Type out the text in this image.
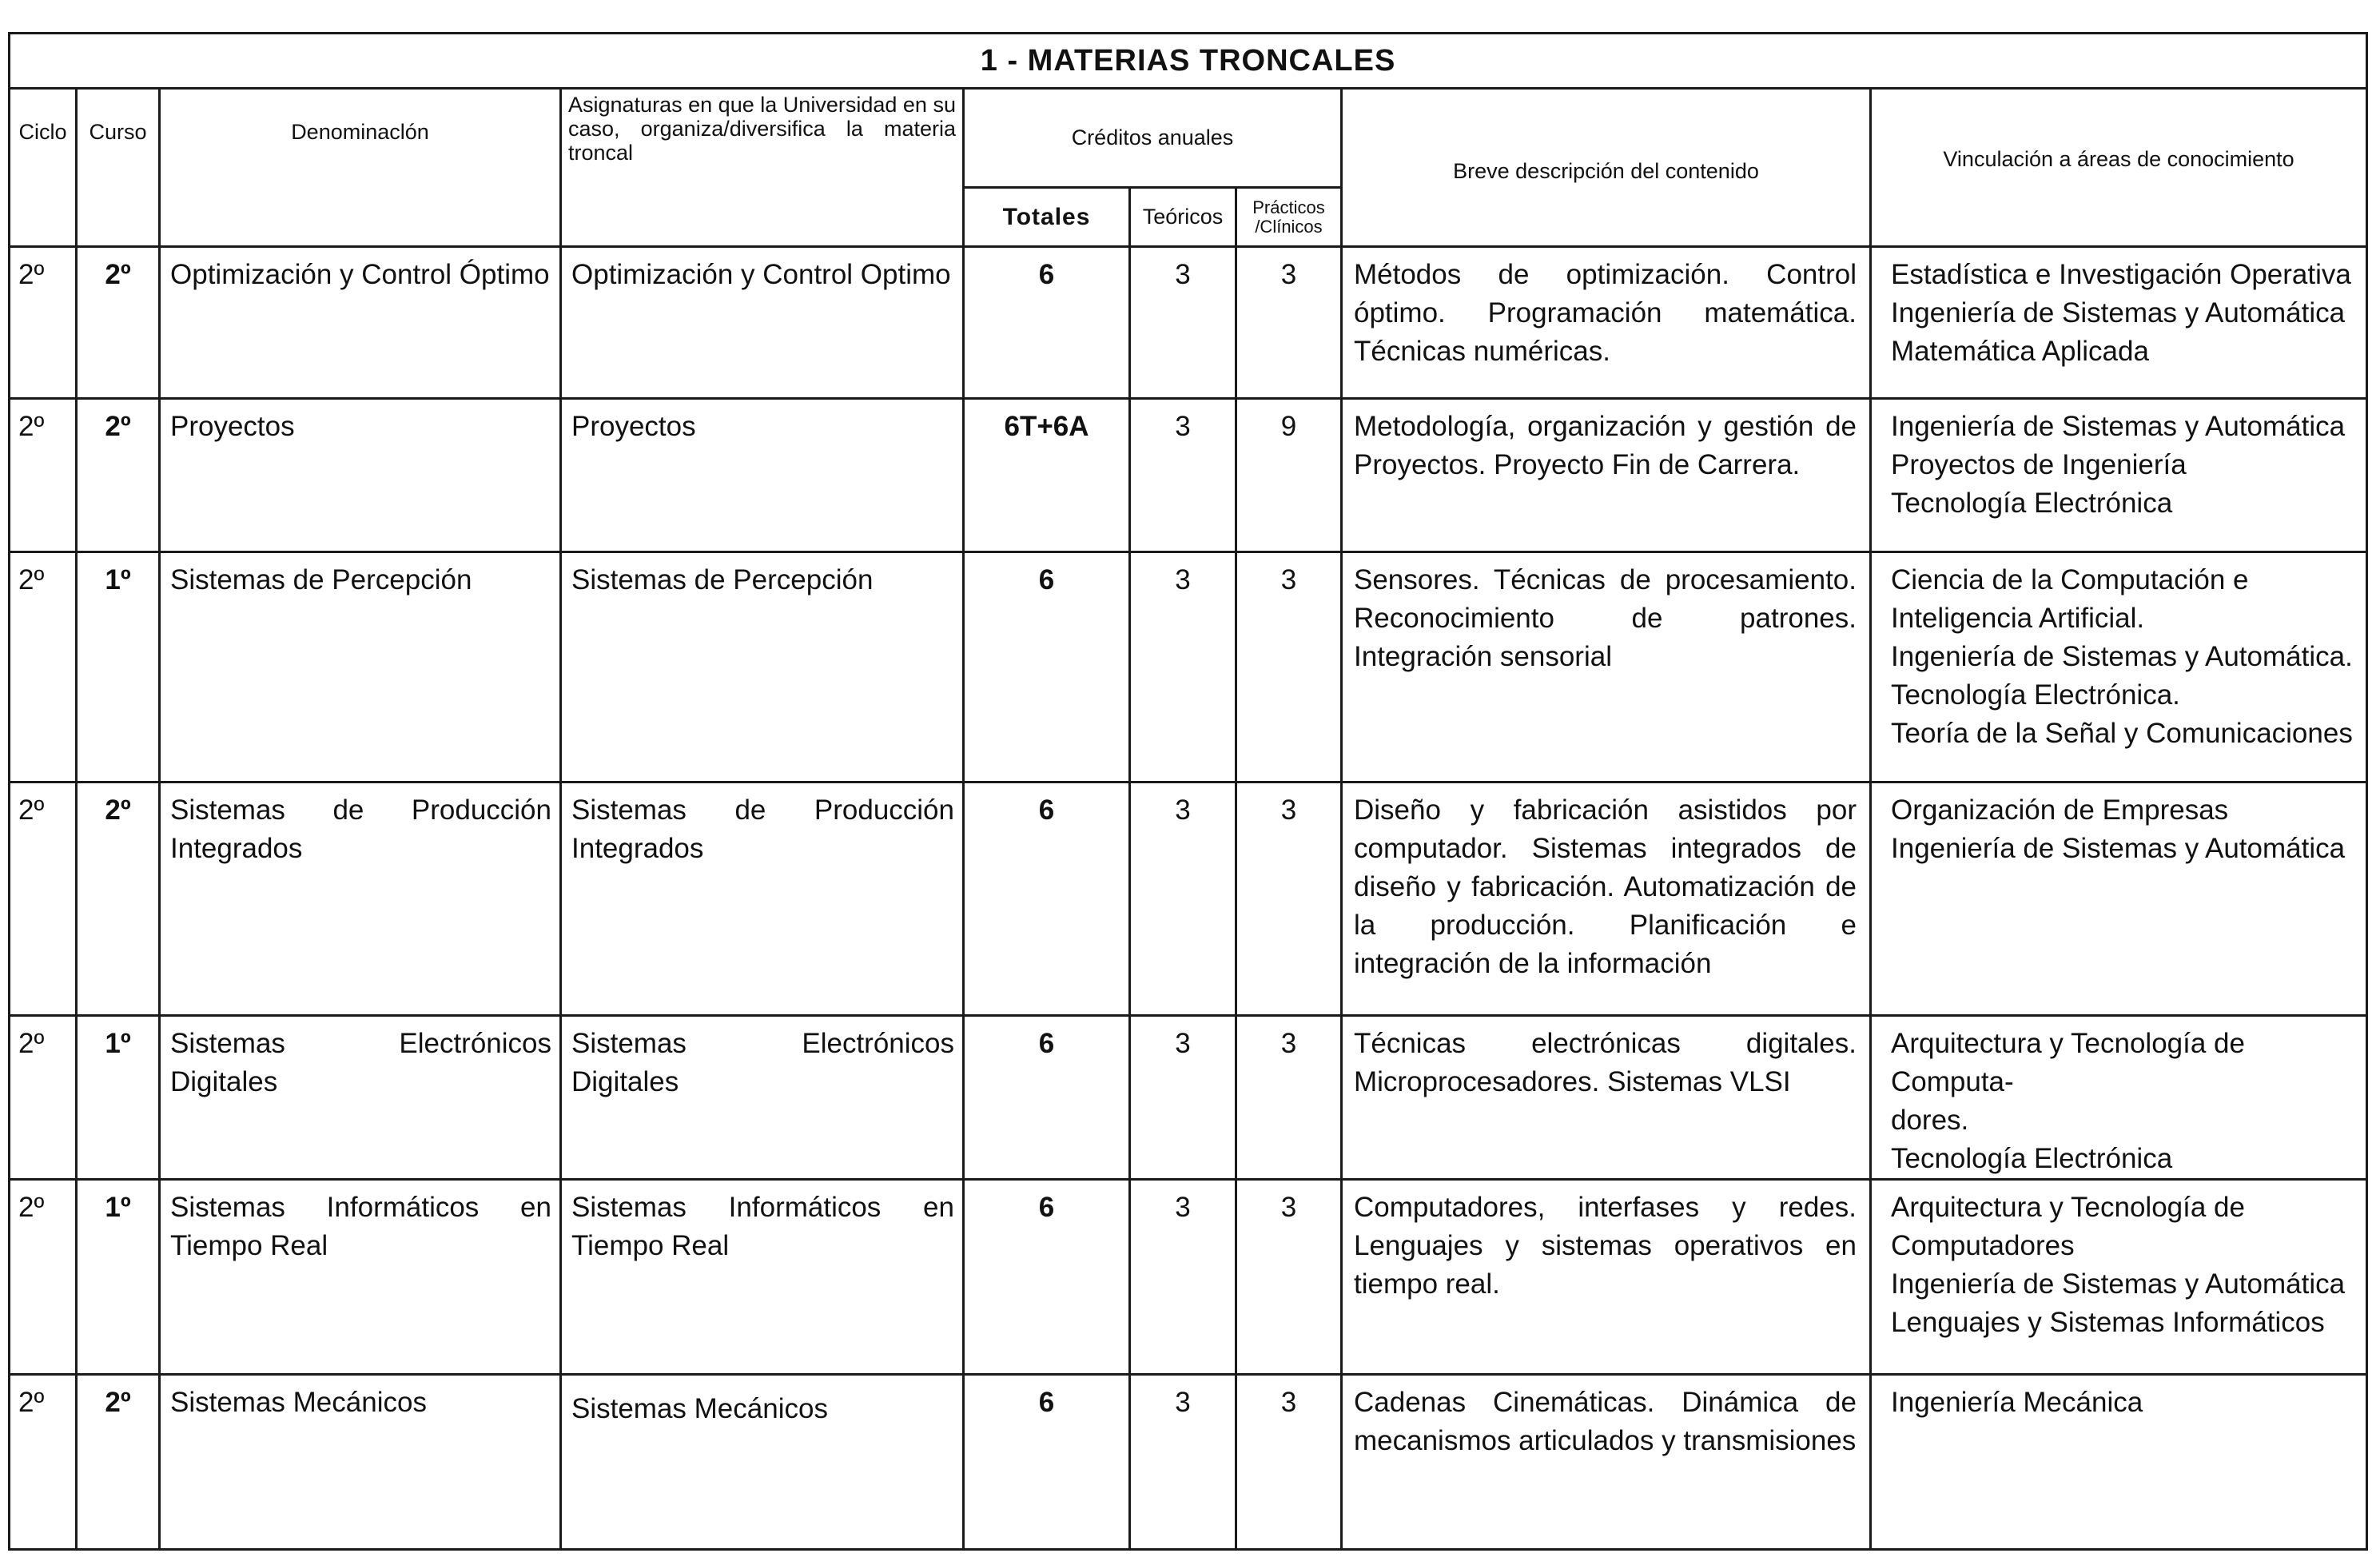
1 - MATERIAS TRONCALES								
Ciclo	Curso	Denominaclón	Asignaturas en que la Universidad en su caso, organiza/diversifica la materia troncal	Créditos anuales			Breve descripción del contenido	Vinculación a áreas de conocimiento
				Totales	Teóricos	Prácticos /Clínicos		
2º	2º	Optimización y Control Óptimo	Optimización y Control Optimo	6	3	3	Métodos de optimización. Control óptimo. Programación matemática. Técnicas numéricas.	Estadística e Investigación Operativa
Ingeniería de Sistemas y Automática
Matemática Aplicada

2º	2º	Proyectos	Proyectos	6T+6A	3	9	Metodología, organización y gestión de Proyectos. Proyecto Fin de Carrera.	Ingeniería de Sistemas y Automática
Proyectos de Ingeniería
Tecnología Electrónica

2º	1º	Sistemas de Percepción	Sistemas de Percepción	6	3	3	Sensores. Técnicas de procesamiento. Reconocimiento de patrones. Integración sensorial	Ciencia de la Computación e
Inteligencia Artificial.
Ingeniería de Sistemas y Automática.
Tecnología Electrónica.
Teoría de la Señal y Comunicaciones

2º	2º	Sistemas de Producción Integrados	Sistemas de Producción Integrados	6	3	3	Diseño y fabricación asistidos por computador. Sistemas integrados de diseño y fabricación. Automatización de la producción. Planificación e integración de la información	Organización de Empresas
Ingeniería de Sistemas y Automática

2º	1º	Sistemas Electrónicos Digitales	Sistemas Electrónicos Digitales	6	3	3	Técnicas electrónicas digitales. Microprocesadores. Sistemas VLSI	Arquitectura y Tecnología de Computa-
dores.
Tecnología Electrónica

2º	1º	Sistemas Informáticos en Tiempo Real	Sistemas Informáticos en Tiempo Real	6	3	3	Computadores, interfases y redes. Lenguajes y sistemas operativos en tiempo real.	Arquitectura y Tecnología de
Computadores
Ingeniería de Sistemas y Automática
Lenguajes y Sistemas Informáticos

2º	2º	Sistemas Mecánicos	Sistemas Mecánicos	6	3	3	Cadenas Cinemáticas. Dinámica de mecanismos articulados y transmisiones	Ingeniería Mecánica
